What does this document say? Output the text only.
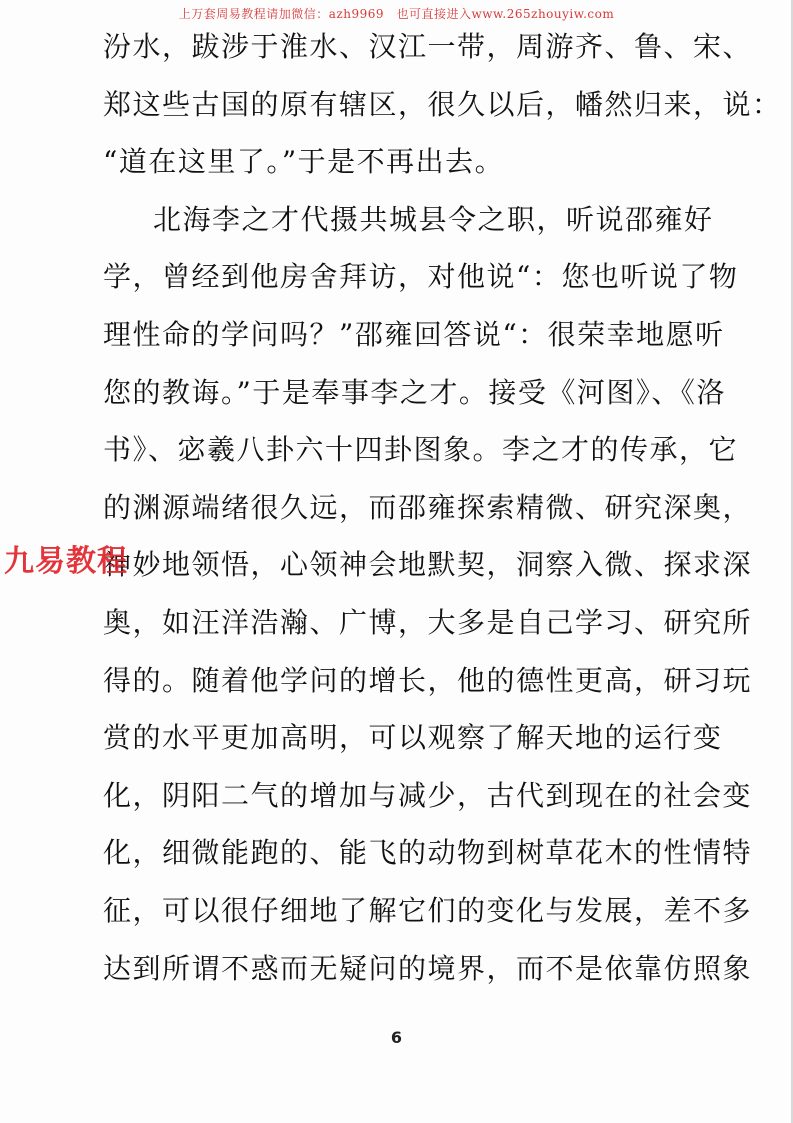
上万套周易教程请加微信：azh9969　也可直接进入www.265zhouyiw.com
汾水，跋涉于淮水、汉江一带，周游齐、鲁、宋、
郑这些古国的原有辖区，很久以后，幡然归来，说：
“道在这里了。”于是不再出去。
北海李之才代摄共城县令之职，听说邵雍好
学，曾经到他房舍拜访，对他说“：您也听说了物
理性命的学问吗？”邵雍回答说“：很荣幸地愿听
您的教诲。”于是奉事李之才。接受《河图》、《洛
书》、宓羲八卦六十四卦图象。李之才的传承，它
的渊源端绪很久远，而邵雍探索精微、研究深奥，
神妙地领悟，心领神会地默契，洞察入微、探求深
奥，如汪洋浩瀚、广博，大多是自己学习、研究所
得的。随着他学问的增长，他的德性更高，研习玩
赏的水平更加高明，可以观察了解天地的运行变
化，阴阳二气的增加与减少，古代到现在的社会变
化，细微能跑的、能飞的动物到树草花木的性情特
征，可以很仔细地了解它们的变化与发展，差不多
达到所谓不惑而无疑问的境界，而不是依靠仿照象
九易教程
6
